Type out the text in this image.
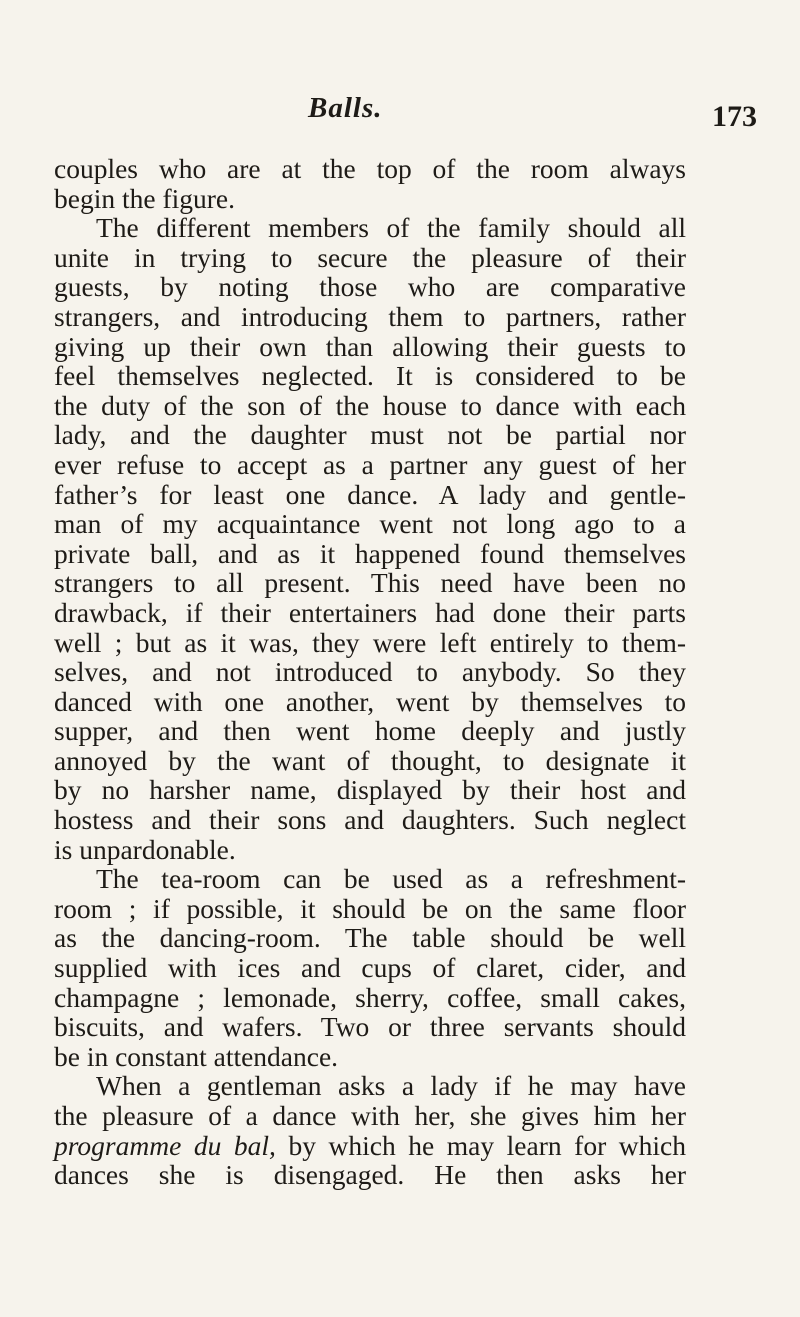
Balls.	173
couples who are at the top of the room always
begin the figure.
The different members of the family should all
unite in trying to secure the pleasure of their
guests, by noting those who are comparative
strangers, and introducing them to partners, rather
giving up their own than allowing their guests to
feel themselves neglected. It is considered to be
the duty of the son of the house to dance with each
lady, and the daughter must not be partial nor
ever refuse to accept as a partner any guest of her
father’s for least one dance. A lady and gentle-
man of my acquaintance went not long ago to a
private ball, and as it happened found themselves
strangers to all present. This need have been no
drawback, if their entertainers had done their parts
well ; but as it was, they were left entirely to them-
selves, and not introduced to anybody. So they
danced with one another, went by themselves to
supper, and then went home deeply and justly
annoyed by the want of thought, to designate it
by no harsher name, displayed by their host and
hostess and their sons and daughters. Such neglect
is unpardonable.
The tea-room can be used as a refreshment-
room ; if possible, it should be on the same floor
as the dancing-room. The table should be well
supplied with ices and cups of claret, cider, and
champagne ; lemonade, sherry, coffee, small cakes,
biscuits, and wafers. Two or three servants should
be in constant attendance.
When a gentleman asks a lady if he may have
the pleasure of a dance with her, she gives him her
programme du bal, by which he may learn for which
dances she is disengaged. He then asks her
